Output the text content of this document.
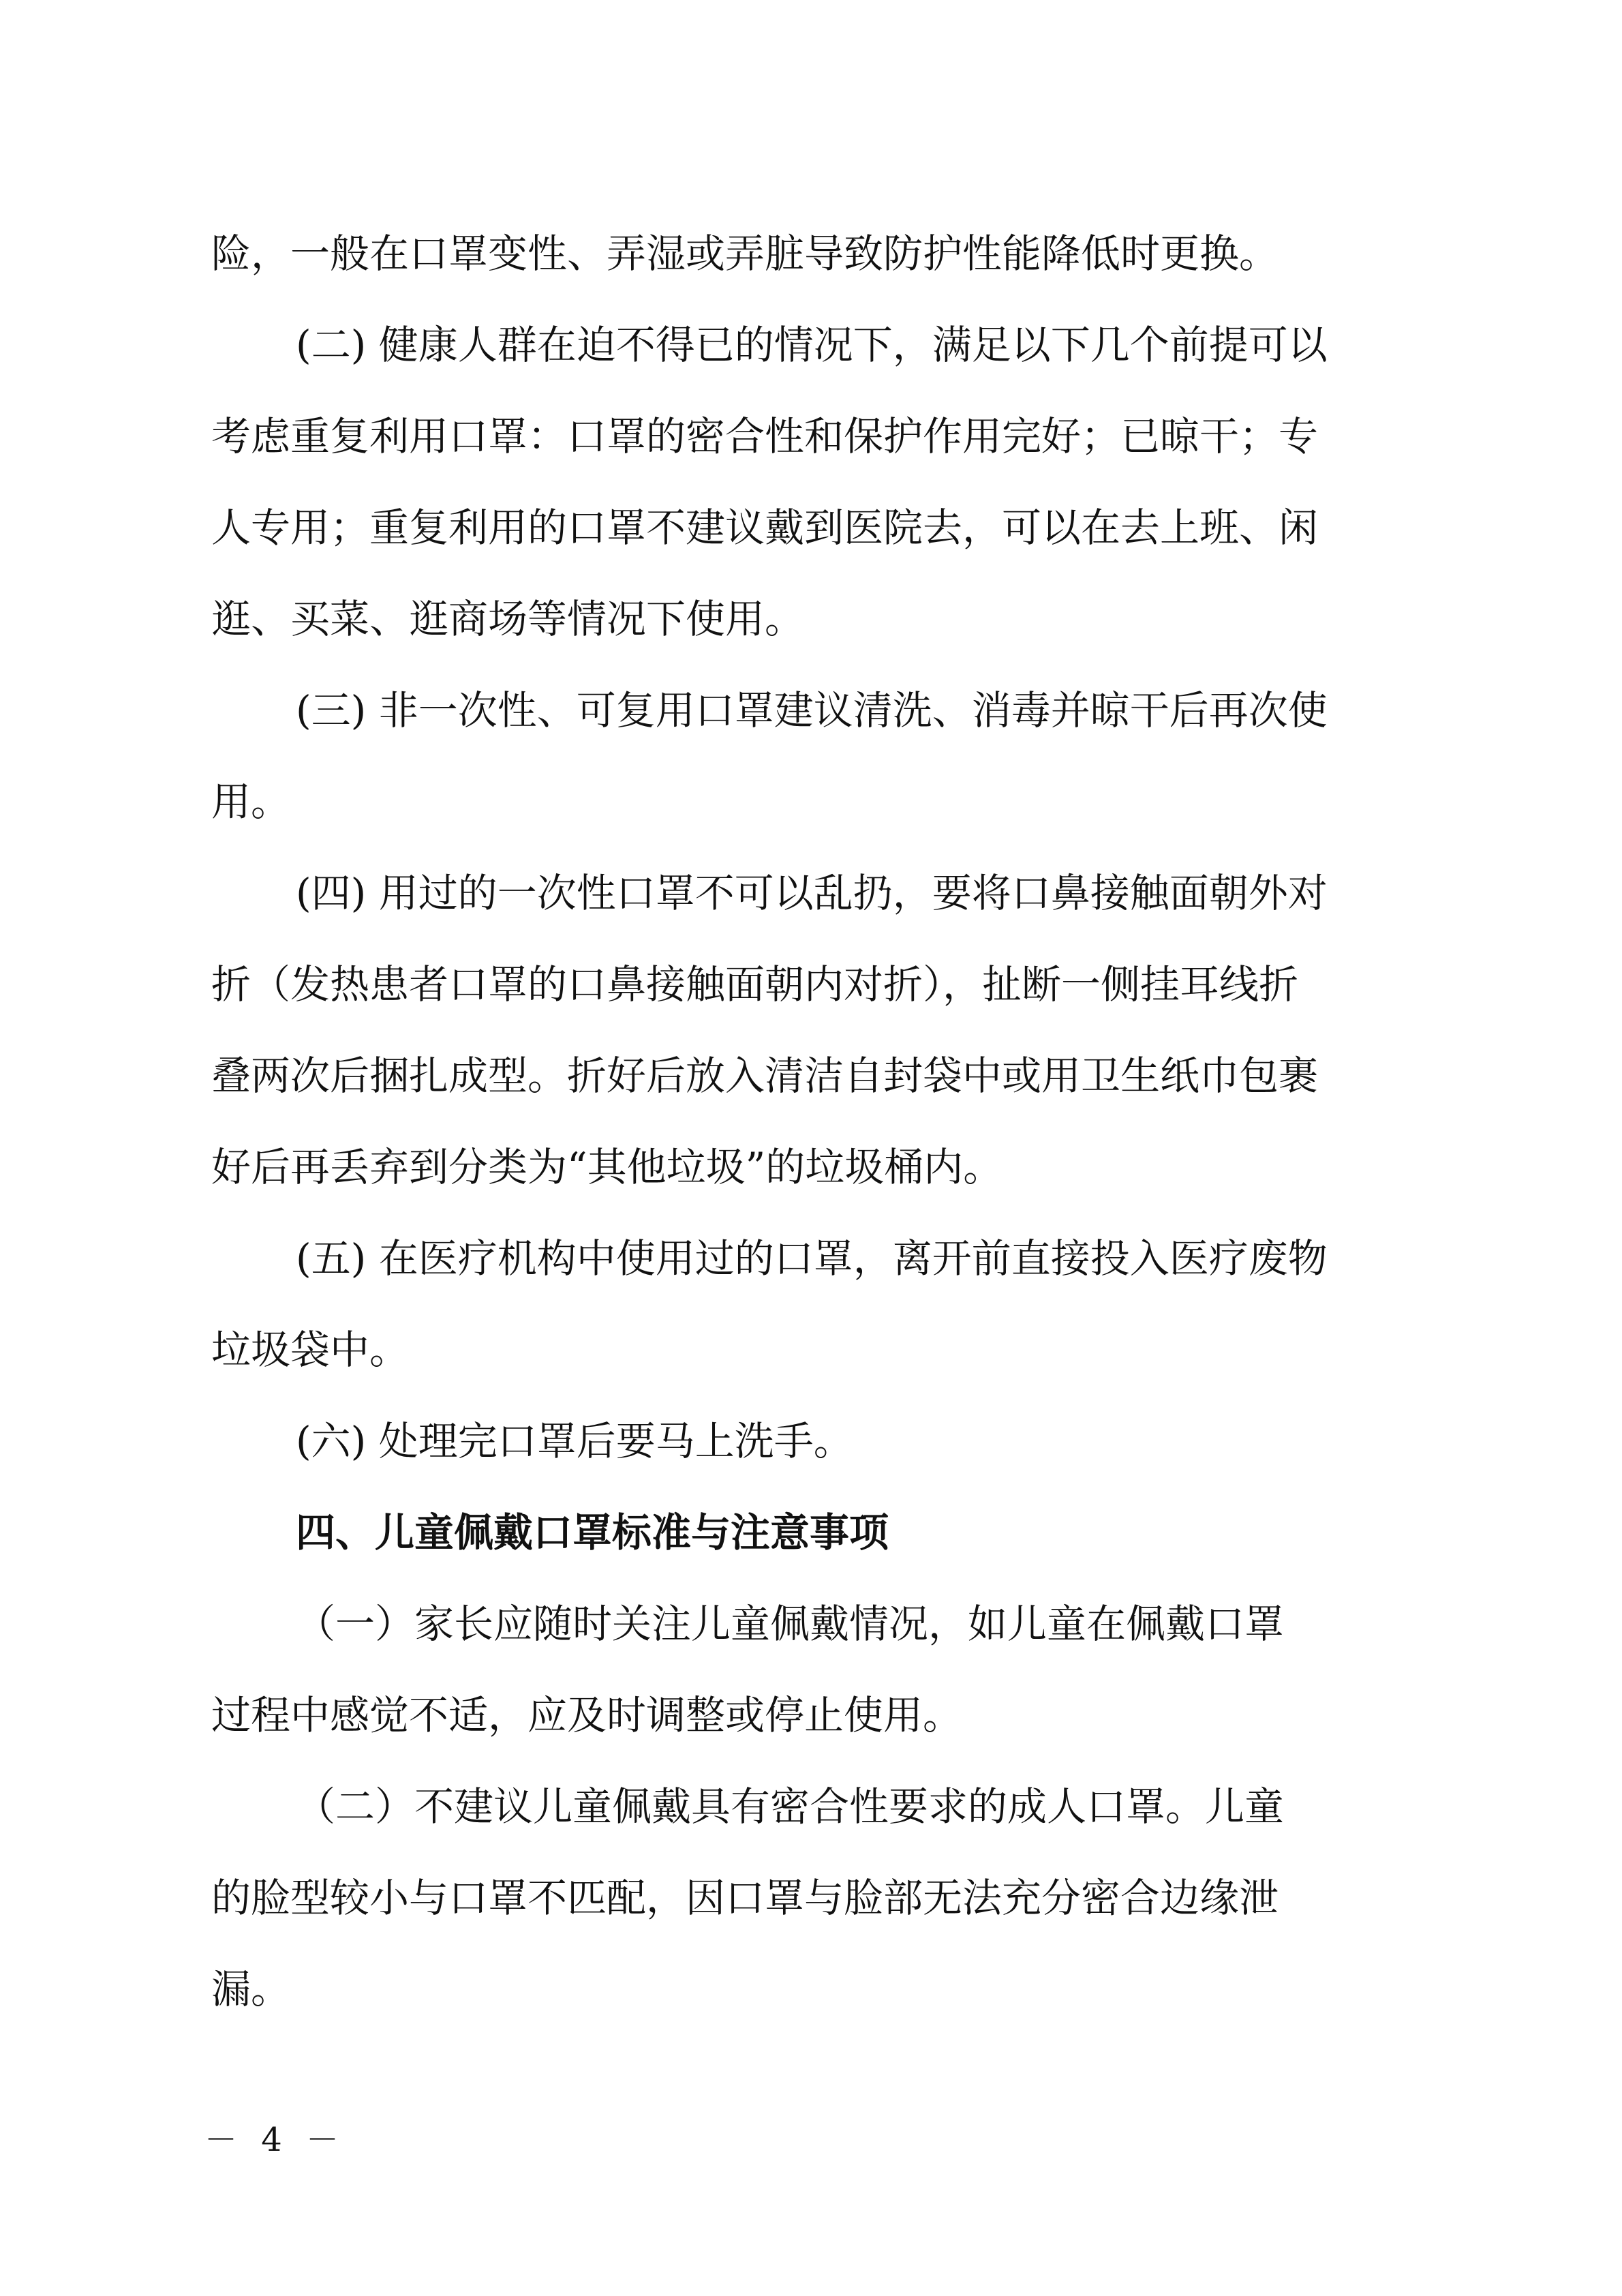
险，一般在口罩变性、弄湿或弄脏导致防护性能降低时更换。
(二) 健康人群在迫不得已的情况下，满足以下几个前提可以
考虑重复利用口罩：口罩的密合性和保护作用完好；已晾干；专
人专用；重复利用的口罩不建议戴到医院去，可以在去上班、闲
逛、买菜、逛商场等情况下使用。
(三) 非一次性、可复用口罩建议清洗、消毒并晾干后再次使
用。
(四) 用过的一次性口罩不可以乱扔，要将口鼻接触面朝外对
折（发热患者口罩的口鼻接触面朝内对折），扯断一侧挂耳线折
叠两次后捆扎成型。折好后放入清洁自封袋中或用卫生纸巾包裹
好后再丢弃到分类为“其他垃圾”的垃圾桶内。
(五) 在医疗机构中使用过的口罩，离开前直接投入医疗废物
垃圾袋中。
(六) 处理完口罩后要马上洗手。
四、儿童佩戴口罩标准与注意事项
（一）家长应随时关注儿童佩戴情况，如儿童在佩戴口罩
过程中感觉不适，应及时调整或停止使用。
（二）不建议儿童佩戴具有密合性要求的成人口罩。儿童
的脸型较小与口罩不匹配，因口罩与脸部无法充分密合边缘泄
漏。
－ 4 －
